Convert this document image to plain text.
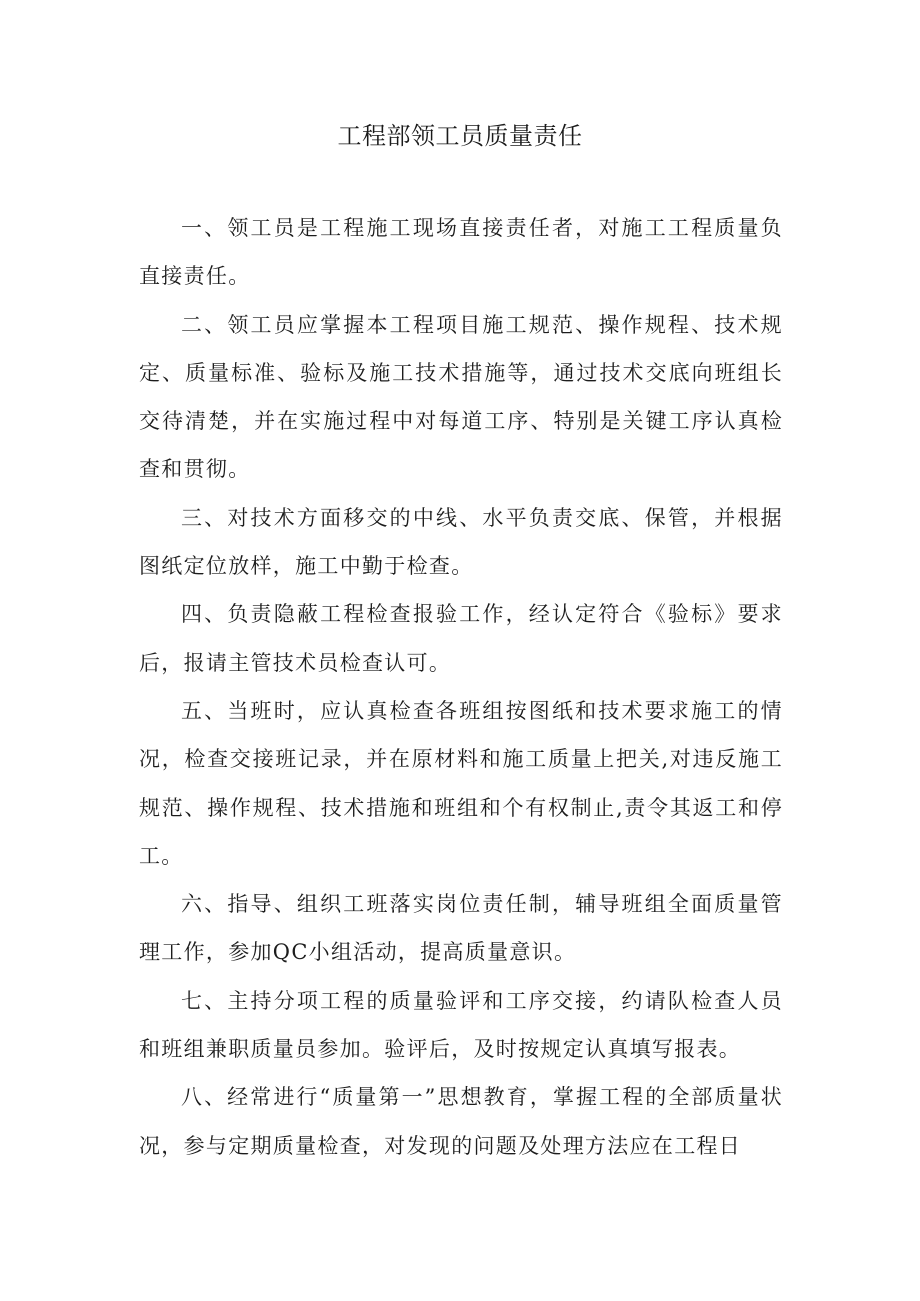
工程部领工员质量责任

一、领工员是工程施工现场直接责任者，对施工工程质量负直接责任。

二、领工员应掌握本工程项目施工规范、操作规程、技术规定、质量标准、验标及施工技术措施等，通过技术交底向班组长交待清楚，并在实施过程中对每道工序、特别是关键工序认真检查和贯彻。

三、对技术方面移交的中线、水平负责交底、保管，并根据图纸定位放样，施工中勤于检查。

四、负责隐蔽工程检查报验工作，经认定符合《验标》要求后，报请主管技术员检查认可。

五、当班时，应认真检查各班组按图纸和技术要求施工的情况，检查交接班记录，并在原材料和施工质量上把关,对违反施工规范、操作规程、技术措施和班组和个有权制止,责令其返工和停工。

六、指导、组织工班落实岗位责任制，辅导班组全面质量管理工作，参加QC小组活动，提高质量意识。

七、主持分项工程的质量验评和工序交接，约请队检查人员和班组兼职质量员参加。验评后，及时按规定认真填写报表。

八、经常进行“质量第一”思想教育，掌握工程的全部质量状况，参与定期质量检查，对发现的问题及处理方法应在工程日
